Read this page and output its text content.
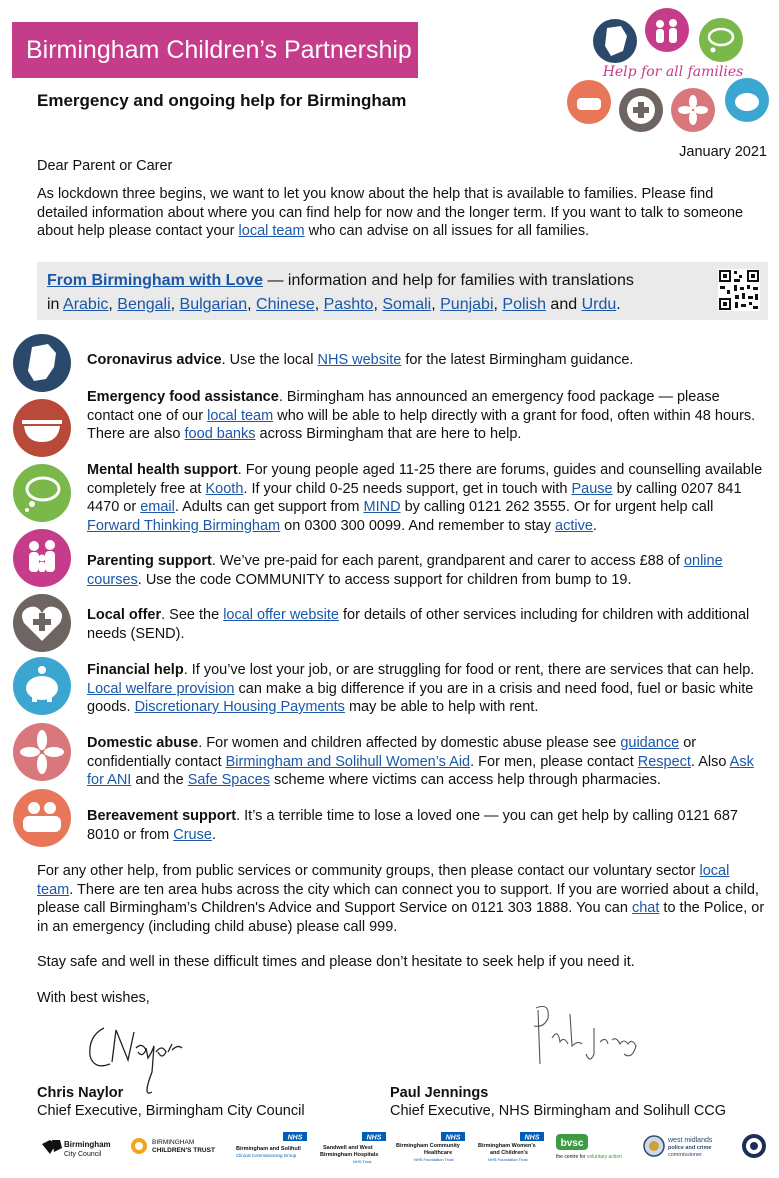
Birmingham Children’s Partnership
Emergency and ongoing help for Birmingham
Help for all families
January 2021
Dear Parent or Carer
As lockdown three begins, we want to let you know about the help that is available to families. Please find detailed information about where you can find help for now and the longer term. If you want to talk to someone about help please contact your local team who can advise on all issues for all families.
From Birmingham with Love — information and help for families with translations
in Arabic, Bengali, Bulgarian, Chinese, Pashto, Somali, Punjabi, Polish and Urdu.
Coronavirus advice. Use the local NHS website for the latest Birmingham guidance.
Emergency food assistance. Birmingham has announced an emergency food package — please contact one of our local team who will be able to help directly with a grant for food, often within 48 hours. There are also food banks across Birmingham that are here to help.
Mental health support. For young people aged 11-25 there are forums, guides and counselling available completely free at Kooth. If your child 0-25 needs support, get in touch with Pause by calling 0207 841 4470 or email. Adults can get support from MIND by calling 0121 262 3555. Or for urgent help call Forward Thinking Birmingham on 0300 300 0099. And remember to stay active.
Parenting support. We’ve pre-paid for each parent, grandparent and carer to access £88 of online courses. Use the code COMMUNITY to access support for children from bump to 19.
Local offer. See the local offer website for details of other services including for children with additional needs (SEND).
Financial help. If you’ve lost your job, or are struggling for food or rent, there are services that can help. Local welfare provision can make a big difference if you are in a crisis and need food, fuel or basic white goods. Discretionary Housing Payments may be able to help with rent.
Domestic abuse. For women and children affected by domestic abuse please see guidance or confidentially contact Birmingham and Solihull Women’s Aid. For men, please contact Respect. Also Ask for ANI and the Safe Spaces scheme where victims can access help through pharmacies.
Bereavement support. It’s a terrible time to lose a loved one — you can get help by calling 0121 687 8010 or from Cruse.
For any other help, from public services or community groups, then please contact our voluntary sector local team. There are ten area hubs across the city which can connect you to support. If you are worried about a child, please call Birmingham’s Children's Advice and Support Service on 0121 303 1888. You can chat to the Police, or in an emergency (including child abuse) please call 999.
Stay safe and well in these difficult times and please don’t hesitate to seek help if you need it.
With best wishes,
Chris Naylor
Chief Executive, Birmingham City Council
Paul Jennings
Chief Executive, NHS Birmingham and Solihull CCG
Birmingham
City Council
BIRMINGHAM
CHILDREN'S TRUST
NHS
Birmingham and Solihull
Clinical Commissioning Group
NHS
Sandwell and West
Birmingham Hospitals
NHS Trust
NHS
Birmingham Community
Healthcare
NHS Foundation Trust
NHS
Birmingham Women's
and Children's
NHS Foundation Trust
bvsc
the centre for voluntary action
west midlands
police and crime
commissioner
